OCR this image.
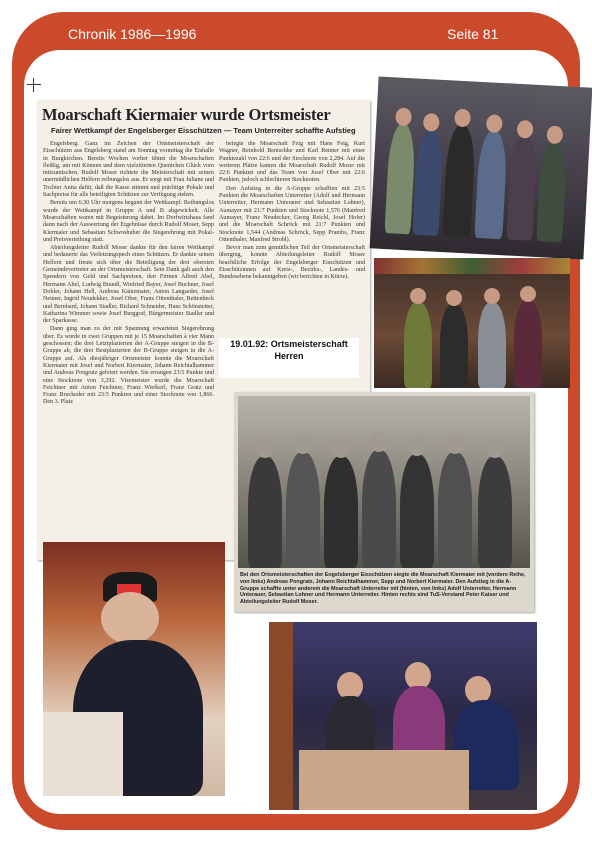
Chronik 1986—1996	Seite 81
Moarschaft Kiermaier wurde Ortsmeister
Fairer Wettkampf der Engelsberger Eisschützen — Team Unterreiter schaffte Aufstieg

Engelsberg. Ganz im Zeichen der Ortsmeisterschaft der Eisschützen aus Engelsberg stand am Sonntag vormittag die Eishalle in Burgkirchen. Bereits Wochen vorher übten die Moarschaften fleißig, um mit Können und dem vielzitierten Quentchen Glück vorn mitzumischen. Rudolf Moser richtete die Meisterschaft mit seinen unermüdlichen Helfern reibungslos aus. Er sorgt mit Frau Juliane und Tochter Anita dafür, daß die Kasse stimmt und prächtige Pokale und Sachpreise für alle beteiligten Schützen zur Verfügung stehen.

Bereits um 6.30 Uhr morgens begann der Wettkampf. Reibungslos wurde der Wettkampf in Gruppe A und B abgewickelt. Alle Moarschaften waren mit Begeisterung dabei. Im Dorfwirtshaus fand dann nach der Auswertung der Ergebnisse durch Rudolf Moser, Sepp Kiermaier und Sebastian Schwoshuber die Siegerehrung mit Pokal- und Preisverteilung statt.

Abteilungsleiter Rudolf Moser dankte für den fairen Wettkampf und bedauerte das Verletzungspech eines Schützen. Er dankte seinen Helfern und freute sich über die Beteiligung der drei obersten Gemeindevertreter an der Ortsmeisterschaft. Sein Dank galt auch den Spendern von Geld und Sachpreisen, den Firmen Alfred Abel, Hermann Abel, Ludwig Brandl, Winfried Bayer, Josef Buchner, Josef Dobler, Johann Hell, Andreas Kainzmaier, Anton Langseder, Josef Neuner, Ingrid Neudekker, Josef Ober, Franz Ottenthaler, Rettenbeck und Bernhard, Johann Stadler, Richard Schneider, Hans Schönstetter, Katharina Wimmer sowie Josef Burggraf, Bürgermeister Stadler und der Sparkasse.

Dann ging man zu der mit Spannung erwarteten Siegerehrung über. Es wurde in zwei Gruppen mit je 15 Moarschaften à vier Mann geschossen; die drei Letztplazierten der A-Gruppe steigen in die B-Gruppe ab, die drei Bestplazierten der B-Gruppe steigen in die A-Gruppe auf. Als diesjähriger Ortsmeister konnte die Moarschaft Kiermaier mit Josef und Norbert Kiermaier, Johann Reichtalhammer und Andreas Pongratz gefeiert werden. Sie errangen 23:5 Punkte und eine Stocknote von 3,292. Vizemeister wurde die Moarschaft Feichtner mit Anton Feichtner, Franz Wiefkerl, Franz Gratz und Franz Bruckeder mit 23:5 Punkten und einer Stocknote von 1,866. Den 3. Platz

belegte die Moarschaft Feig mit Hans Feig, Kurt Wagner, Reinhold Benischke und Karl Renner mit einer Punktezahl von 22:6 und der Stocknote von 2,284. Auf die weiteren Plätze kamen die Moarschaft Rudolf Moser mit 22:6 Punkten und das Team von Josef Ober mit 22:6 Punkten, jedoch schlechteren Stocknoten.

Den Aufstieg in die A-Gruppe schafften mit 23:5 Punkten die Moarschaften Unterreiter (Adolf und Hermann Unterreiter, Hermann Unterauer und Sebastian Lohner), Aumayer mit 21:7 Punkten und Stocknote 1,576 (Manfred Aumayer, Franz Neudecker, Georg Reichl, Josef Hofer) und die Moarschaft Schröck mit 21:7 Punkten und Stocknote 1,544 (Andreas Schröck, Sepp Prambs, Franz Ottenthaler, Manfred Strobl).

Bevor man zum gemütlichen Teil der Ortsmeisterschaft überging, konnte Abteilungsleiter Rudolf Moser beachtliche Erfolge der Engelsberger Eisschützen und Eisschützinnen auf Kreis-, Bezirks-, Landes- und Bundesebene bekanntgeben (wir berichten in Kürze).

19.01.92: Ortsmeisterschaft
Herren
Bei den Ortsmeisterschaften der Engelsberger Eisschützen siegte die Moarschaft Kiermaier mit (vordere Reihe, von links) Andreas Pongratz, Johann Reichtalhammer, Sepp und Norbert Kiermaier. Den Aufstieg in die A-Gruppe schaffte unter anderem die Moarschaft Unterreiter mit (hinten, von links) Adolf Unterreiter, Hermann Unterauer, Sebastian Lohner und Hermann Unterreiter. Hinten rechts sind TuS-Vorstand Peter Kaiser und Abteilungsleiter Rudolf Moser.
